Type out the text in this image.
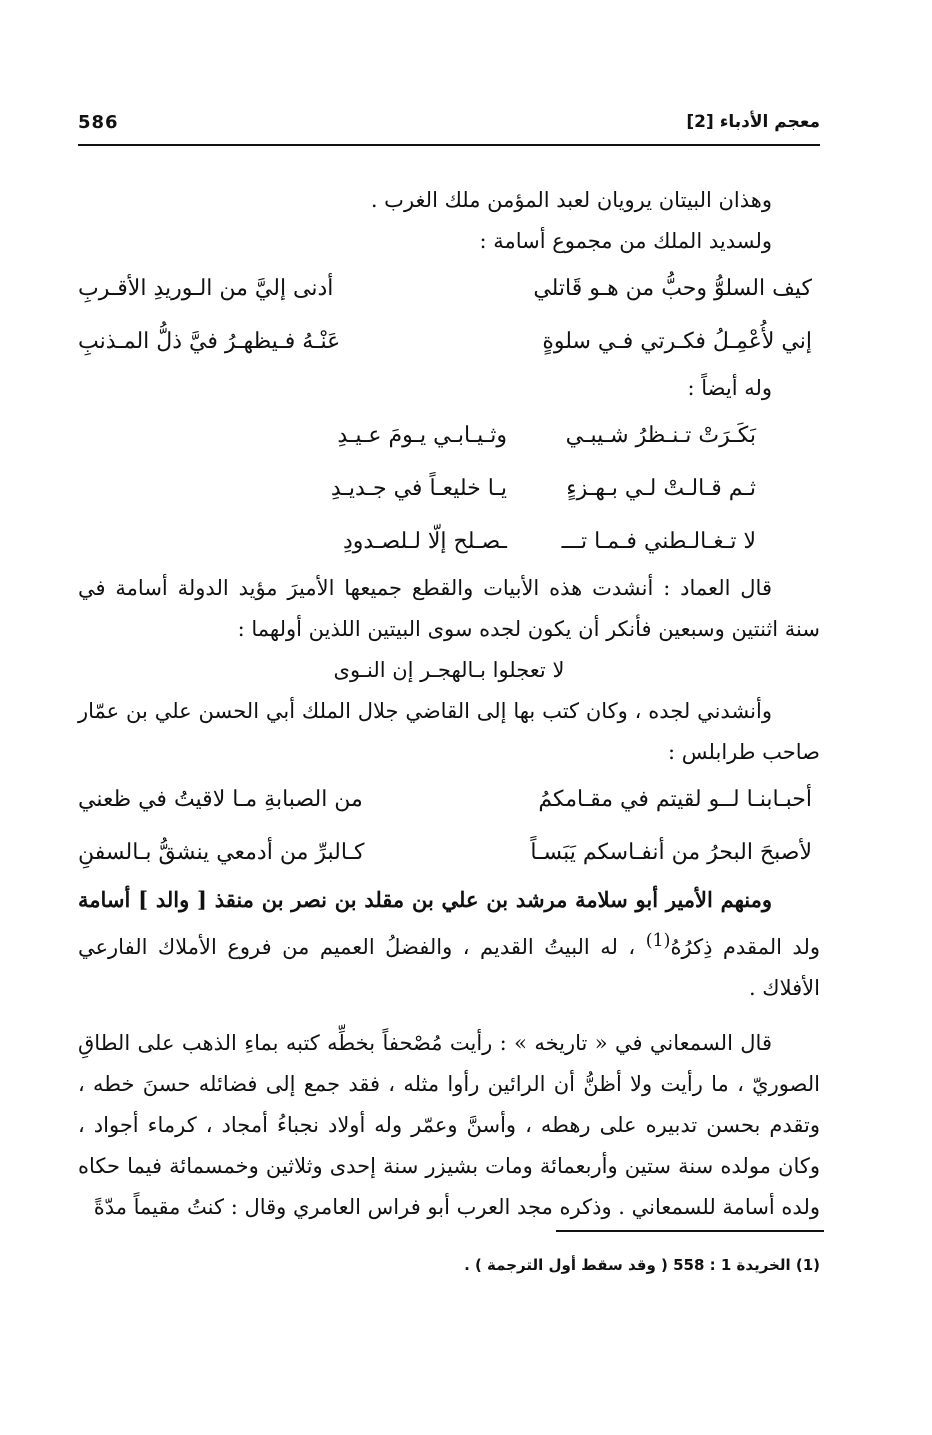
586	معجم الأدباء [2]

وهذان البيتان يرويان لعبد المؤمن ملك الغرب .

ولسديد الملك من مجموع أسامة :

كيف السلوُّ وحبُّ من هـو قَاتلي
أدنى إليَّ من الـوريدِ الأقـربِ
إني لأُعْمِـلُ فكـرتي فـي سلوةٍ
عَنْـهُ فـيظهـرُ فيَّ ذلُّ المـذنبِ

وله أيضاً :

بَكَـرَتْ تـنـظرُ شـيبـي
وثـيـابـي يـومَ عـيـدِ
ثـم قـالـتْ لـي بـهـزءٍ
يـا خليعـاً في جـديـدِ
لا تـغـالـطني فـمـا تـــ
ـصـلح إلّا لـلصـدودِ

قال العماد : أنشدت هذه الأبيات والقطع جميعها الأميرَ مؤيد الدولة أسامة في سنة اثنتين وسبعين فأنكر أن يكون لجده سوى البيتين اللذين أولهما :

لا تعجلوا بـالهجـر إن النـوى

وأنشدني لجده ، وكان كتب بها إلى القاضي جلال الملك أبي الحسن علي بن عمّار صاحب طرابلس :

أحبـابنـا لــو لقيتم في مقـامكمُ
من الصبابةِ مـا لاقيتُ في ظعني
لأصبحَ البحرُ من أنفـاسكم يَبَسـاً
كـالبرِّ من أدمعي ينشقُّ بـالسفنِ

ومنهم الأمير أبو سلامة مرشد بن علي بن مقلد بن نصر بن منقذ [ والد ] أسامة ولد المقدم ذِكرُهُ$^{(1)}$ ، له البيتُ القديم ، والفضلُ العميم من فروع الأملاك الفارعي الأفلاك .

قال السمعاني في « تاريخه » : رأيت مُصْحفاً بخطِّه كتبه بماءِ الذهب على الطاقِ الصوريّ ، ما رأيت ولا أظنُّ أن الرائين رأوا مثله ، فقد جمع إلى فضائله حسنَ خطه ، وتقدم بحسن تدبيره على رهطه ، وأسنَّ وعمّر وله أولاد نجباءُ أمجاد ، كرماء أجواد ، وكان مولده سنة ستين وأربعمائة ومات بشيزر سنة إحدى وثلاثين وخمسمائة فيما حكاه ولده أسامة للسمعاني . وذكره مجد العرب أبو فراس العامري وقال : كنتُ مقيماً مدّةً

(1) الخريدة 1 : 558 ( وقد سقط أول الترجمة ) .
